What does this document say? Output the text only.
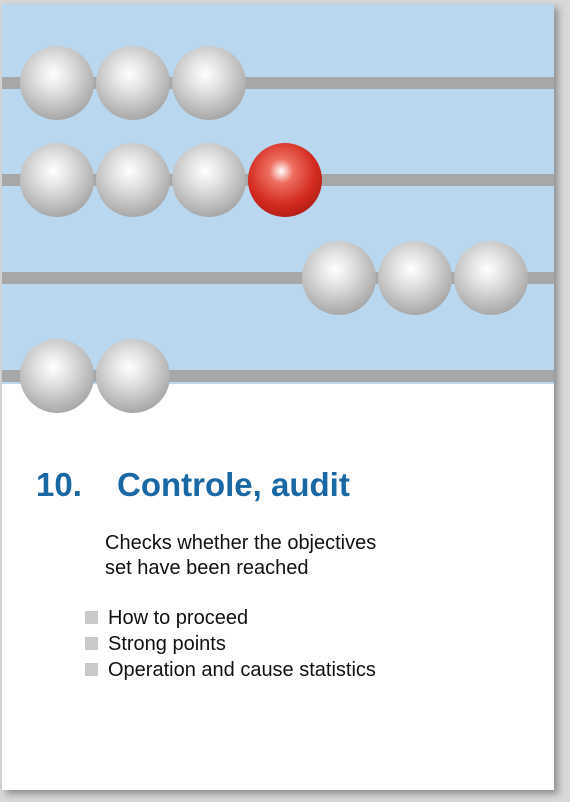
10. Controle, audit
Checks whether the objectives
set have been reached
How to proceed
Strong points
Operation and cause statistics
